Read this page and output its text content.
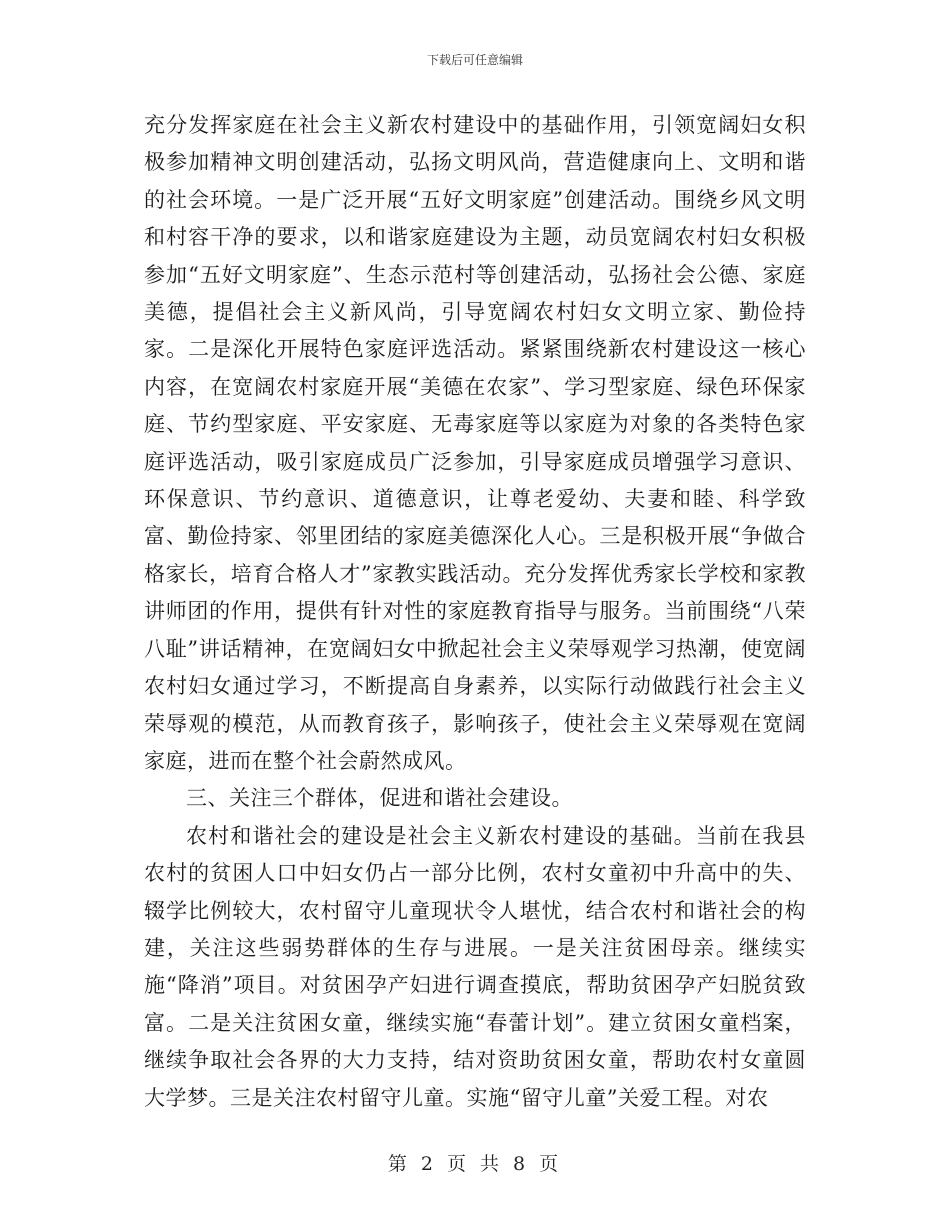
下载后可任意编辑

充分发挥家庭在社会主义新农村建设中的基础作用，引领宽阔妇女积极参加精神文明创建活动，弘扬文明风尚，营造健康向上、文明和谐的社会环境。一是广泛开展“五好文明家庭”创建活动。围绕乡风文明和村容干净的要求，以和谐家庭建设为主题，动员宽阔农村妇女积极参加“五好文明家庭”、生态示范村等创建活动，弘扬社会公德、家庭美德，提倡社会主义新风尚，引导宽阔农村妇女文明立家、勤俭持家。二是深化开展特色家庭评选活动。紧紧围绕新农村建设这一核心内容，在宽阔农村家庭开展“美德在农家”、学习型家庭、绿色环保家庭、节约型家庭、平安家庭、无毒家庭等以家庭为对象的各类特色家庭评选活动，吸引家庭成员广泛参加，引导家庭成员增强学习意识、环保意识、节约意识、道德意识，让尊老爱幼、夫妻和睦、科学致富、勤俭持家、邻里团结的家庭美德深化人心。三是积极开展“争做合格家长，培育合格人才”家教实践活动。充分发挥优秀家长学校和家教讲师团的作用，提供有针对性的家庭教育指导与服务。当前围绕“八荣八耻”讲话精神，在宽阔妇女中掀起社会主义荣辱观学习热潮，使宽阔农村妇女通过学习，不断提高自身素养，以实际行动做践行社会主义荣辱观的模范，从而教育孩子，影响孩子，使社会主义荣辱观在宽阔家庭，进而在整个社会蔚然成风。

三、关注三个群体，促进和谐社会建设。

农村和谐社会的建设是社会主义新农村建设的基础。当前在我县农村的贫困人口中妇女仍占一部分比例，农村女童初中升高中的失、辍学比例较大，农村留守儿童现状令人堪忧，结合农村和谐社会的构建，关注这些弱势群体的生存与进展。一是关注贫困母亲。继续实施“降消”项目。对贫困孕产妇进行调查摸底，帮助贫困孕产妇脱贫致富。二是关注贫困女童，继续实施“春蕾计划”。建立贫困女童档案，继续争取社会各界的大力支持，结对资助贫困女童，帮助农村女童圆大学梦。三是关注农村留守儿童。实施“留守儿童”关爱工程。对农

第 2 页 共 8 页
